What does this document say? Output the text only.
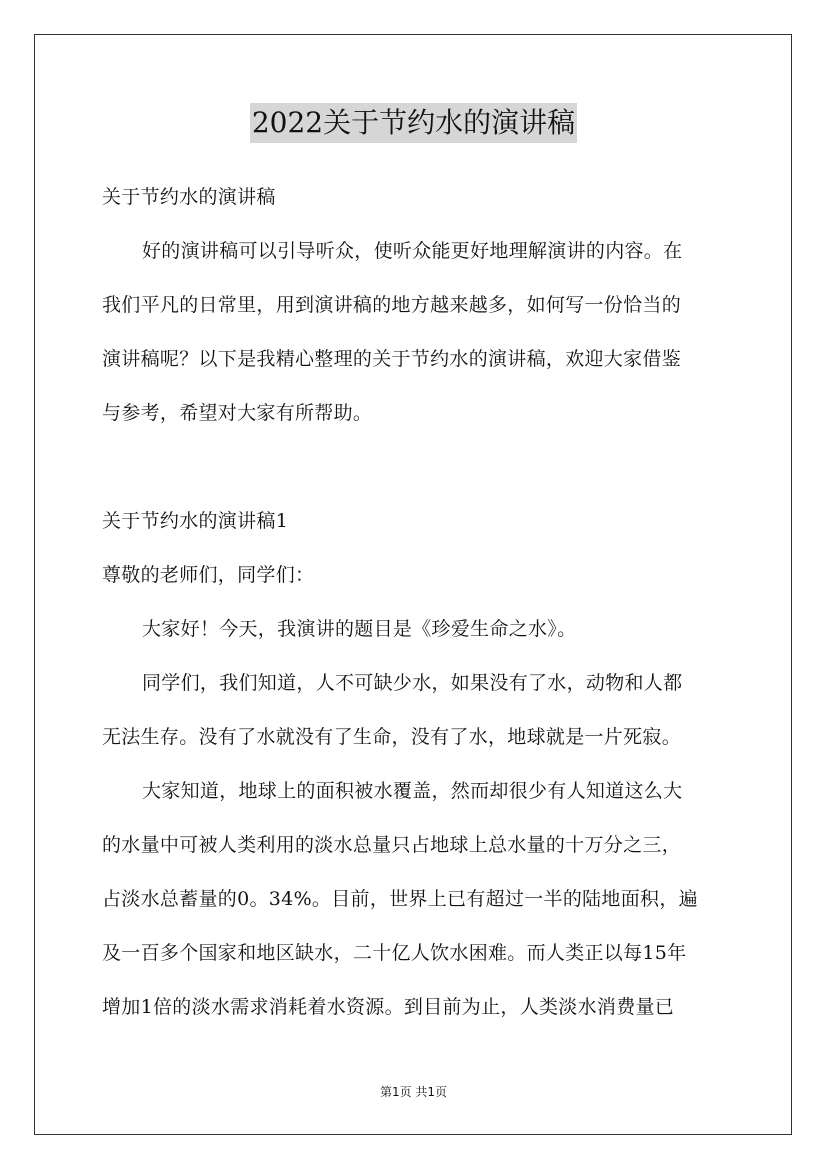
2022关于节约水的演讲稿
关于节约水的演讲稿
好的演讲稿可以引导听众，使听众能更好地理解演讲的内容。在
我们平凡的日常里，用到演讲稿的地方越来越多，如何写一份恰当的
演讲稿呢？以下是我精心整理的关于节约水的演讲稿，欢迎大家借鉴
与参考，希望对大家有所帮助。
关于节约水的演讲稿1
尊敬的老师们，同学们：
大家好！今天，我演讲的题目是《珍爱生命之水》。
同学们，我们知道，人不可缺少水，如果没有了水，动物和人都
无法生存。没有了水就没有了生命，没有了水，地球就是一片死寂。
大家知道，地球上的面积被水覆盖，然而却很少有人知道这么大
的水量中可被人类利用的淡水总量只占地球上总水量的十万分之三，
占淡水总蓄量的0。34%。目前，世界上已有超过一半的陆地面积，遍
及一百多个国家和地区缺水，二十亿人饮水困难。而人类正以每15年
增加1倍的淡水需求消耗着水资源。到目前为止，人类淡水消费量已
第1页 共1页
